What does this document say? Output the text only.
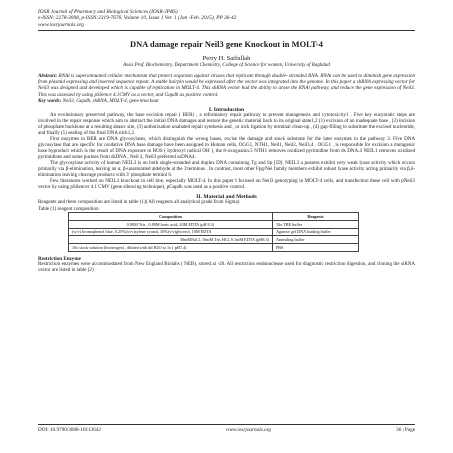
IOSR Journal of Pharmacy and Biological Sciences (IOSR-JPBS)
e-ISSN: 2278-3008, p-ISSN:2319-7676. Volume 10, Issue 1 Ver. 1 (Jan -Feb. 2015), PP 36-42
www.iosrjournals.org
DNA damage repair Neil3 gene Knockout in MOLT-4
Perry H. Saifullah
Assis Prof. Biochemistry, Department Chemistry, College of Science for women, University of Baghdad
Abstract: RNAi is superannuated cellular mechanism that protect organism against viruses that replicate through double- stranded RNA. RNAi can be used to diminish gene expression from plasmid expressing and inserted sequence repeat. A stable hairpin would be expressed after the vector was integrated into the genome. In this paper a shRNA expressing vector for Neil3 was designed and developed which is capable of replication in MOLT-4. This shRNA vector had the ability to arose the RNAi pathway, and reduce the gene expression of Neil3. This was assessed by using pSilence 4.1CMV as a vector, and Gapdh as positive control.
Key words: Neil3, Gapdh, shRNA, MOLT-4, gene knockout
I. Introduction
An evolutionary preserved pathway, the base excision repair ( BER) , a reformatory repair pathway to prevent mutagenesis and cytotoxicity1 . Five key enzymatic steps are involved in the repair response which aim to abstract the initial DNA damages and restore the genetic material back to its original state1,2 (1) excision of an inadequate base , (2) incision of phosphate backbone at a resulting abasic site, (3) authorization unabated repair synthesis and , or nick ligation by terminal clean-up , (4) gap-filling to substitute the excised nucleotide, and finally (5) sealing of the final DNA nick1,2.
First enzymes in BER are DNA glycosylases, which distinguish the wrong bases, excise the damage and stock substrate for the later enzymes in the pathway 3. Five DNA glycosylase that are specific for oxidative DNA base damage have been assigned in Human cells, OGG1, NTH1, Neil1, Neil2, Neil3,4 . OGG1 , is responsible for excision a mutagenic base byproduct which is the result of DNA exposure to ROS ( hydroxyl radical OH ), the 8-oxoguanin.5 NTH1 removes oxidized pyrimidine from ds DNA.4 NEIL1 removes oxidized pyrimidines and some purines from dsDNA , Neil 2, Neil3 preferred ssDNA4.
The glycosylase activity of human NEIL3 is on both single-stranded and duplex DNA containing Tg and Sp [59]. NEIL3 a possess exhibit very weak lyase activity which occurs primarily via β-elimination, leaving an α, β-unsaturated aldehyde at the 3'terminus . In contrast, most other Fpg/Nei family members exhibit robust lyase activity acting primarily via β,δ-elimination leaving cleavage products with 3' phosphate termini 6.
Few literatures worked on NEIL3 knockout in cell line, especially MOLT-4. In this paper I focused on Neil3 genotyping in MOLT-4 cells, and transfection these cell with pNeil3 vector by using pSilencer 4.1 CMV (gene silencing technique), pGapdh was used as a positive control.
II. Material and Methods
Reagents and there composition are listed in table (1)( All reagents all analytical grade from Sigma)
Table (1) reagent composition
Composition	Reagents
0.89M Tris , 0.89M boric acid, 20M EDTA (pH 8.3)	10x TBE buffer
(w/v) bromophenol blue, 0.25%(w/v)xylene cyanol, 30%(v/v)glycerol, 10M EDTA	Agarose gel DNA loading buffer
50mMNaCl, 10mM Tris HCl, 0.1mM EDTA (pH8.3)	Annealing buffer
10x stock solution (Invitrogen) , diluted with dd H2O to 1x ( pH7.4)	PBS
Restriction Enzyme
Restriction enzymes were accommodated from New England Biolabs ( NEB), stored at -20. All restriction endonuclease used for diagnostic restriction digestion, and cloning the siRNA vector are listed in table (2)
DOI: 10.9790/3008-10113642	www.iosrjournals.org	36 | Page
